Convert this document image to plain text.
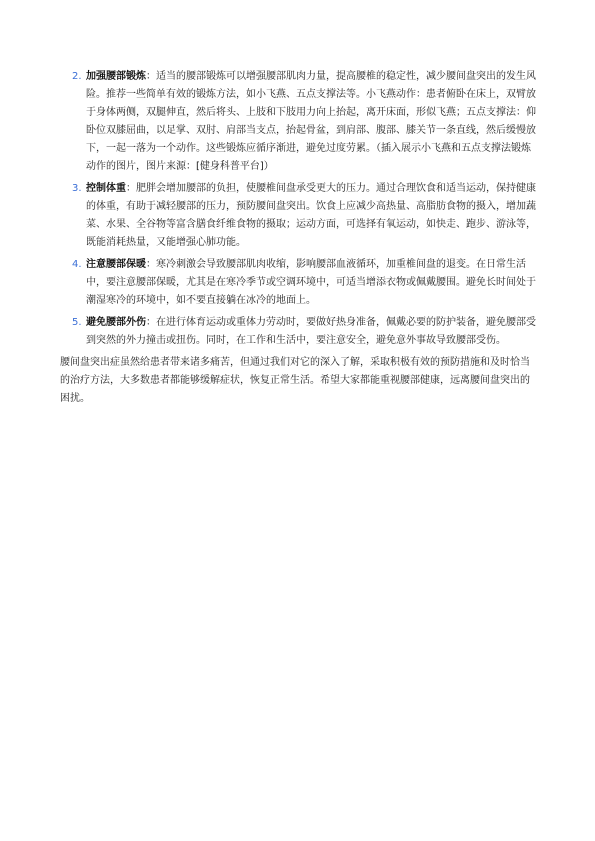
2. 加强腰部锻炼：适当的腰部锻炼可以增强腰部肌肉力量，提高腰椎的稳定性，减少腰间盘突出的发生风险。推荐一些简单有效的锻炼方法，如小飞燕、五点支撑法等。小飞燕动作：患者俯卧在床上，双臂放于身体两侧，双腿伸直，然后将头、上肢和下肢用力向上抬起，离开床面，形似飞燕；五点支撑法：仰卧位双膝屈曲，以足掌、双肘、肩部当支点，抬起骨盆，到肩部、腹部、膝关节一条直线，然后缓慢放下，一起一落为一个动作。这些锻炼应循序渐进，避免过度劳累。（插入展示小飞燕和五点支撑法锻炼动作的图片，图片来源：[健身科普平台]）
3. 控制体重：肥胖会增加腰部的负担，使腰椎间盘承受更大的压力。通过合理饮食和适当运动，保持健康的体重，有助于减轻腰部的压力，预防腰间盘突出。饮食上应减少高热量、高脂肪食物的摄入，增加蔬菜、水果、全谷物等富含膳食纤维食物的摄取；运动方面，可选择有氧运动，如快走、跑步、游泳等，既能消耗热量，又能增强心肺功能。
4. 注意腰部保暖：寒冷刺激会导致腰部肌肉收缩，影响腰部血液循环，加重椎间盘的退变。在日常生活中，要注意腰部保暖，尤其是在寒冷季节或空调环境中，可适当增添衣物或佩戴腰围。避免长时间处于潮湿寒冷的环境中，如不要直接躺在冰冷的地面上。
5. 避免腰部外伤：在进行体育运动或重体力劳动时，要做好热身准备，佩戴必要的防护装备，避免腰部受到突然的外力撞击或扭伤。同时，在工作和生活中，要注意安全，避免意外事故导致腰部受伤。

腰间盘突出症虽然给患者带来诸多痛苦，但通过我们对它的深入了解，采取积极有效的预防措施和及时恰当的治疗方法，大多数患者都能够缓解症状，恢复正常生活。希望大家都能重视腰部健康，远离腰间盘突出的困扰。
